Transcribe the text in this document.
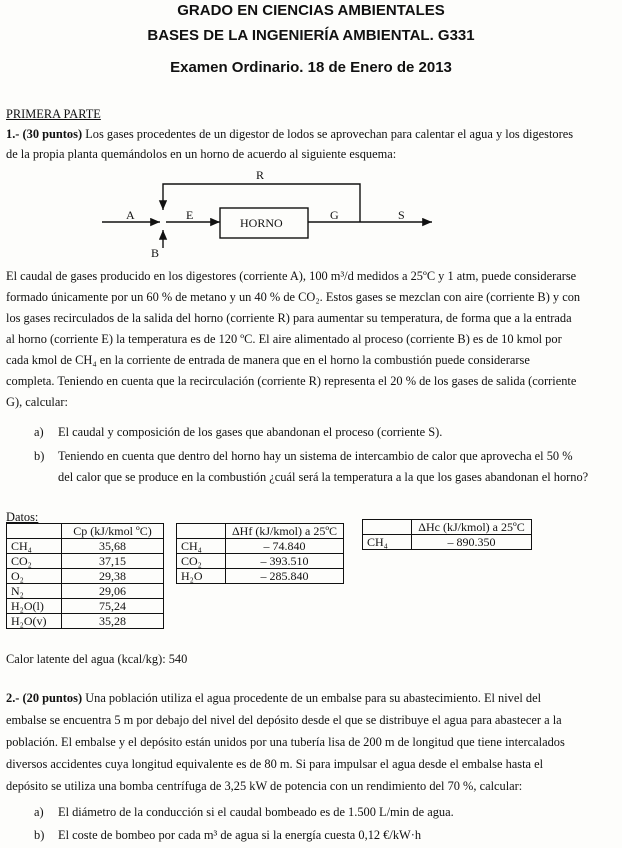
GRADO EN CIENCIAS AMBIENTALES
BASES DE LA INGENIERÍA AMBIENTAL. G331
Examen Ordinario. 18 de Enero de 2013
PRIMERA PARTE
1.- (30 puntos) Los gases procedentes de un digestor de lodos se aprovechan para calentar el agua y los digestores
de la propia planta quemándolos en un horno de acuerdo al siguiente esquema:
R
A	E
HORNO
G	S
B
El caudal de gases producido en los digestores (corriente A), 100 m³/d medidos a 25ºC y 1 atm, puede considerarse
formado únicamente por un 60 % de metano y un 40 % de CO₂. Estos gases se mezclan con aire (corriente B) y con
los gases recirculados de la salida del horno (corriente R) para aumentar su temperatura, de forma que a la entrada
al horno (corriente E) la temperatura es de 120 ºC. El aire alimentado al proceso (corriente B) es de 10 kmol por
cada kmol de CH₄ en la corriente de entrada de manera que en el horno la combustión puede considerarse
completa. Teniendo en cuenta que la recirculación (corriente R) representa el 20 % de los gases de salida (corriente
G), calcular:
a) El caudal y composición de los gases que abandonan el proceso (corriente S).
b) Teniendo en cuenta que dentro del horno hay un sistema de intercambio de calor que aprovecha el 50 %
del calor que se produce en la combustión ¿cuál será la temperatura a la que los gases abandonan el horno?
Datos:
	Cp (kJ/kmol ºC)
CH₄	35,68
CO₂	37,15
O₂	29,38
N₂	29,06
H₂O(l)	75,24
H₂O(v)	35,28
	ΔHf (kJ/kmol) a 25ºC
CH₄	– 74.840
CO₂	– 393.510
H₂O	– 285.840
	ΔHc (kJ/kmol) a 25ºC
CH₄	– 890.350
Calor latente del agua (kcal/kg): 540
2.- (20 puntos) Una población utiliza el agua procedente de un embalse para su abastecimiento. El nivel del
embalse se encuentra 5 m por debajo del nivel del depósito desde el que se distribuye el agua para abastecer a la
población. El embalse y el depósito están unidos por una tubería lisa de 200 m de longitud que tiene intercalados
diversos accidentes cuya longitud equivalente es de 80 m. Si para impulsar el agua desde el embalse hasta el
depósito se utiliza una bomba centrífuga de 3,25 kW de potencia con un rendimiento del 70 %, calcular:
a) El diámetro de la conducción si el caudal bombeado es de 1.500 L/min de agua.
b) El coste de bombeo por cada m³ de agua si la energía cuesta 0,12 €/kW·h
